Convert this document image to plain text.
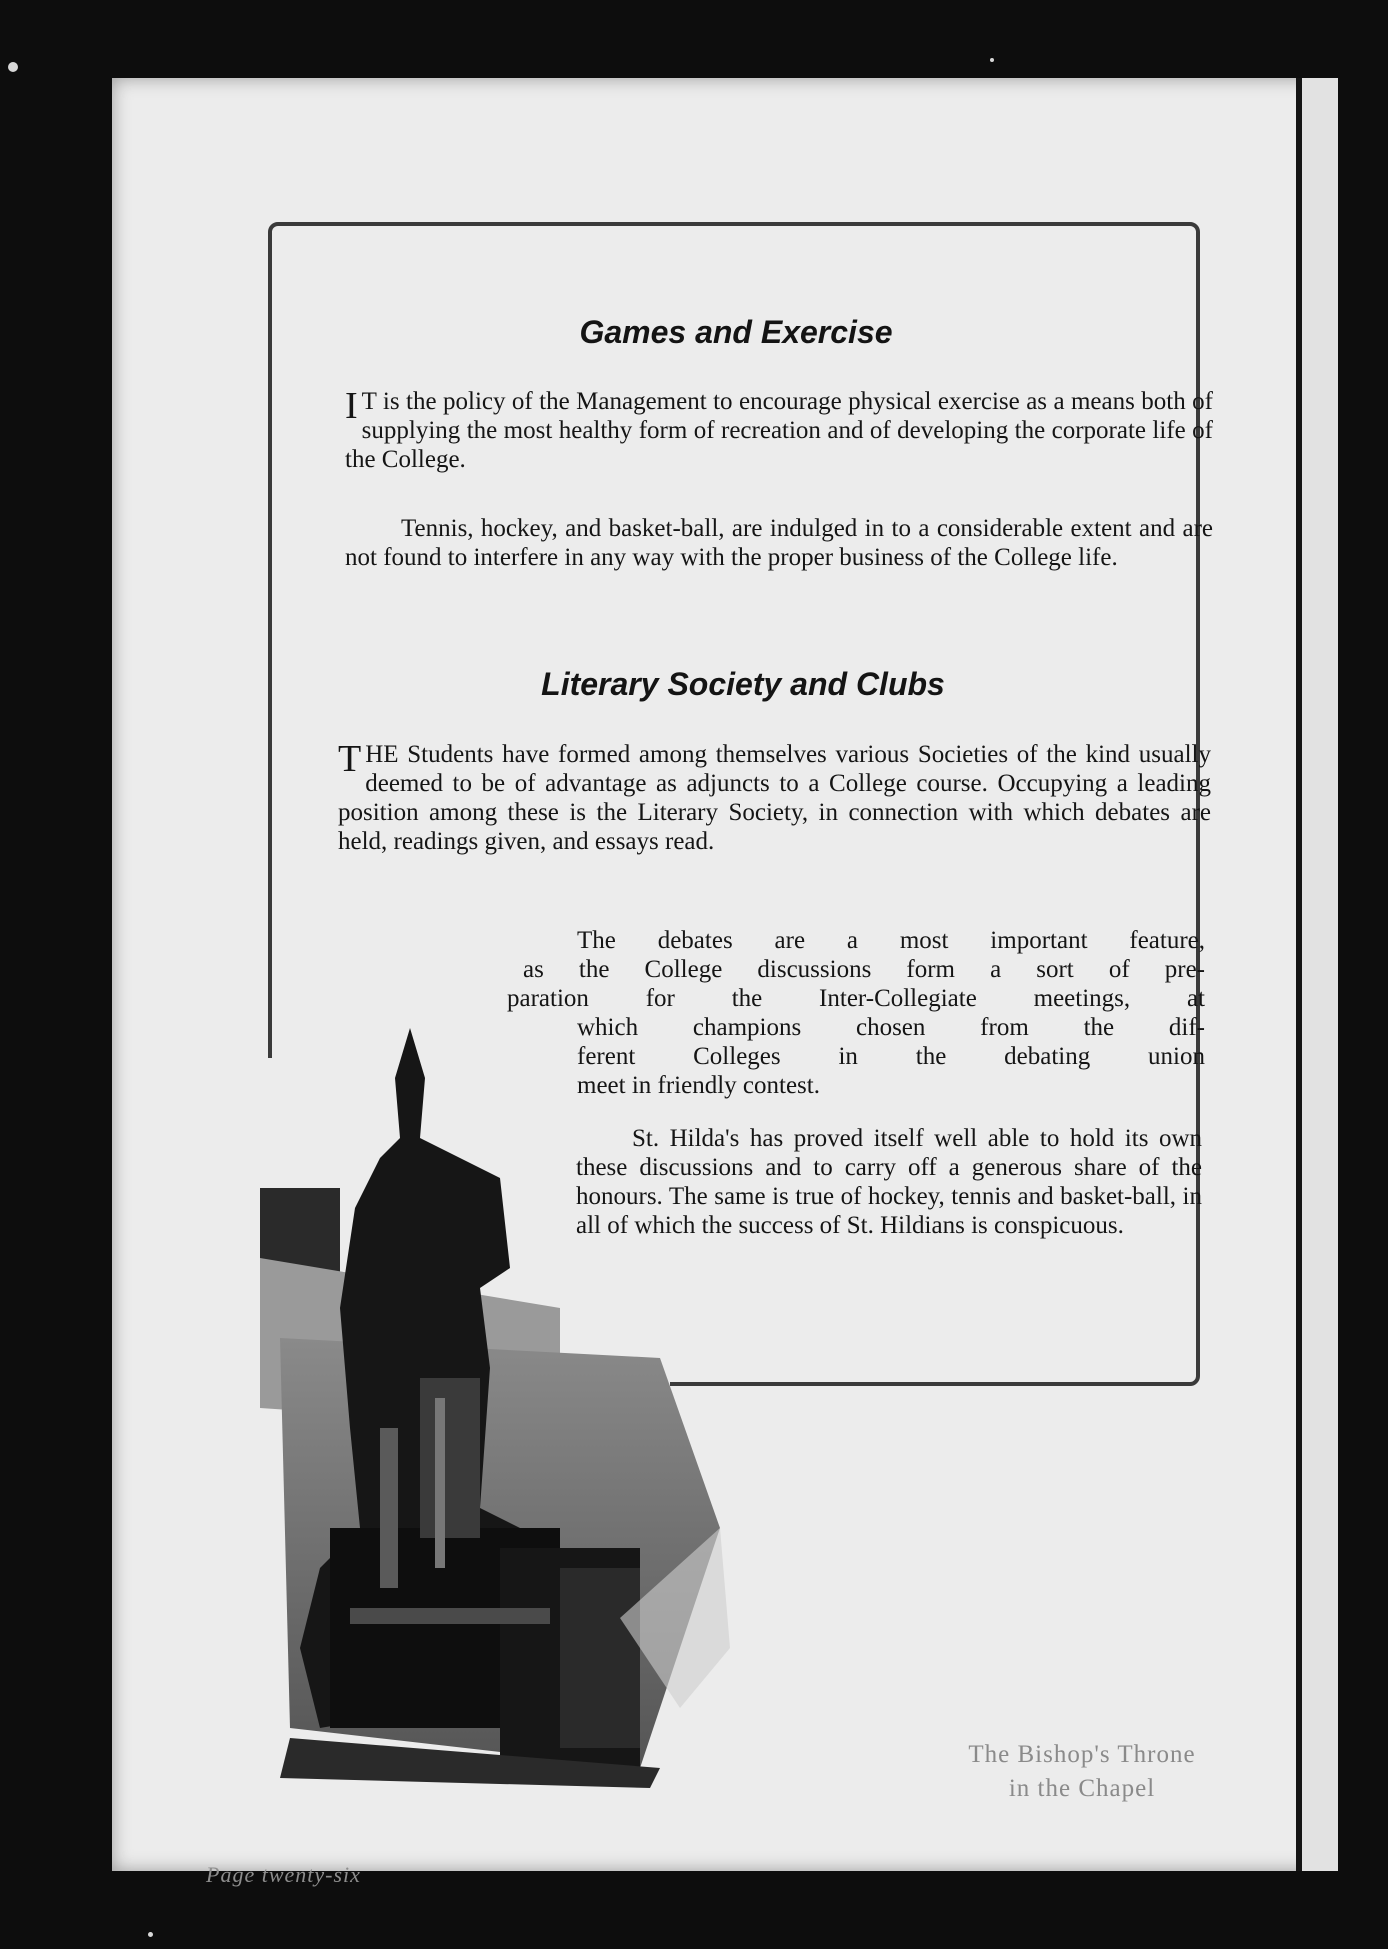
Games and Exercise

I T is the policy of the Management to encourage physical exercise as a means both of supplying the most healthy form of recreation and of developing the corporate life of the College.

Tennis, hockey, and basket-ball, are indulged in to a considerable extent and are not found to interfere in any way with the proper business of the College life.

Literary Society and Clubs

THE Students have formed among themselves various Societies of the kind usually deemed to be of advantage as adjuncts to a College course. Occupying a leading position among these is the Literary Society, in connection with which debates are held, readings given, and essays read.

The debates are a most important feature,
as the College discussions form a sort of pre-
paration for the Inter-Collegiate meetings, at
which champions chosen from the dif-
ferent Colleges in the debating union
meet in friendly contest.

St. Hilda's has proved itself well able to hold its own these discussions and to carry off a generous share of the honours. The same is true of hockey, tennis and basket-ball, in all of which the success of St. Hildians is conspicuous.

The Bishop's Throne
in the Chapel

Page twenty-six
